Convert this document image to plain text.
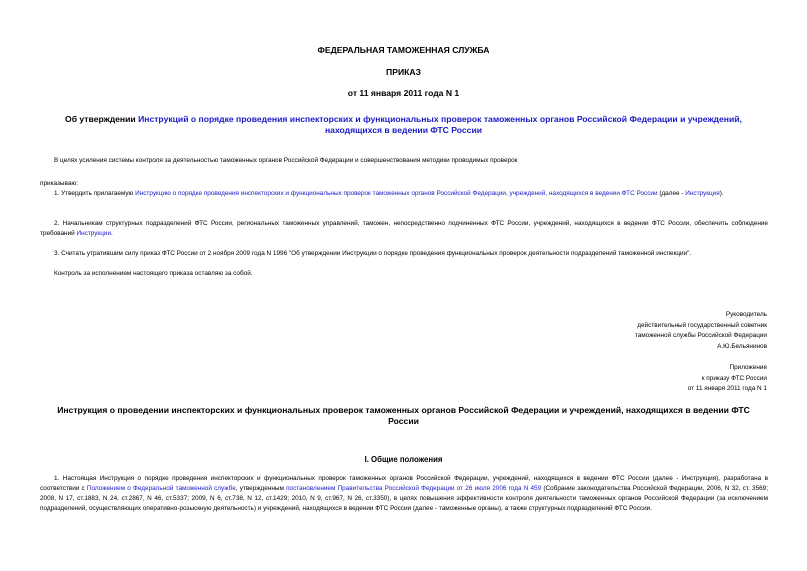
ФЕДЕРАЛЬНАЯ ТАМОЖЕННАЯ СЛУЖБА
ПРИКАЗ
от 11 января 2011 года N 1
Об утверждении Инструкций о порядке проведения инспекторских и функциональных проверок таможенных органов Российской Федерации и учреждений,
находящихся в ведении ФТС России
В целях усиления системы контроля за деятельностью таможенных органов Российской Федерации и совершенствования методики проводимых проверок
приказываю:
1. Утвердить прилагаемую Инструкцию о порядке проведения инспекторских и функциональных проверок таможенных органов Российской Федерации, учреждений, находящихся в ведении ФТС России (далее - Инструкция).
2. Начальникам структурных подразделений ФТС России, региональных таможенных управлений, таможен, непосредственно подчиненных ФТС России, учреждений, находящихся в ведении ФТС России, обеспечить соблюдение требований Инструкции.
3. Считать утратившим силу приказ ФТС России от 2 ноября 2009 года N 1996 "Об утверждении Инструкции о порядке проведения функциональных проверок деятельности подразделений таможенной инспекции".
Контроль за исполнением настоящего приказа оставляю за собой.
Руководитель
действительный государственный советник
таможенной службы Российской Федерации
А.Ю.Бельянинов
Приложение
к приказу ФТС России
от 11 января 2011 года N 1
Инструкция о проведении инспекторских и функциональных проверок таможенных органов Российской Федерации и учреждений, находящихся в ведении ФТС
России
I. Общие положения
1. Настоящая Инструкция о порядке проведения инспекторских и функциональных проверок таможенных органов Российской Федерации, учреждений, находящихся в ведении ФТС России (далее - Инструкция), разработана в соответствии с Положением о Федеральной таможенной службе, утвержденным постановлением Правительства Российской Федерации от 26 июля 2006 года N 459 (Собрание законодательства Российской Федерации, 2006, N 32, ст. 3569; 2008, N 17, ст.1883, N 24, ст.2867, N 46, ст.5337; 2009, N 6, ст.738, N 12, ст.1429; 2010, N 9, ст.967, N 26, ст.3350), в целях повышения эффективности контроля деятельности таможенных органов Российской Федерации (за исключением подразделений, осуществляющих оперативно-розыскную деятельность) и учреждений, находящихся в ведении ФТС России (далее - таможенные органы), а также структурных подразделений ФТС России.
